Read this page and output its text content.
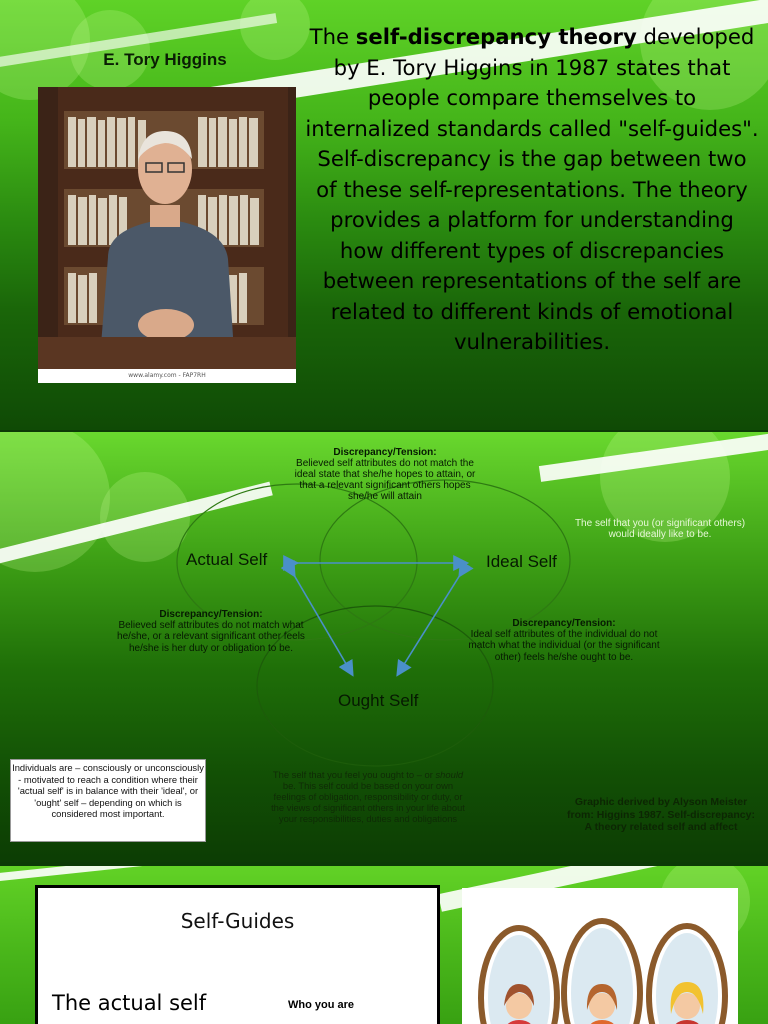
E. Tory Higgins
www.alamy.com - FAP7RH
The self-discrepancy theory developed by E. Tory Higgins in 1987 states that people compare themselves to internalized standards called "self-guides". Self-discrepancy is the gap between two of these self-representations. The theory provides a platform for understanding how different types of discrepancies between representations of the self are related to different kinds of emotional vulnerabilities.
Discrepancy/Tension:
Believed self attributes do not match the ideal state that she/he hopes to attain, or that a relevant significant others hopes she/he will attain
The self that you (or significant others) would ideally like to be.
Actual Self	Ideal Self
Ought Self
Discrepancy/Tension:
Believed self attributes do not match what he/she, or a relevant significant other feels he/she is her duty or obligation to be.
Discrepancy/Tension:
Ideal self attributes of the individual do not match what the individual (or the significant other) feels he/she ought to be.
Individuals are – consciously or unconsciously - motivated to reach a condition where their 'actual self' is in balance with their 'ideal', or 'ought' self – depending on which is considered most important.
The self that you feel you ought to – or should be. This self could be based on your own feelings of obligation, responsibility or duty, or the views of significant others in your life about your responsibilities, duties and obligations
Graphic derived by Alyson Meister from: Higgins 1987. Self-discrepancy: A theory related self and affect
Self-Guides
The actual self	Who you are
